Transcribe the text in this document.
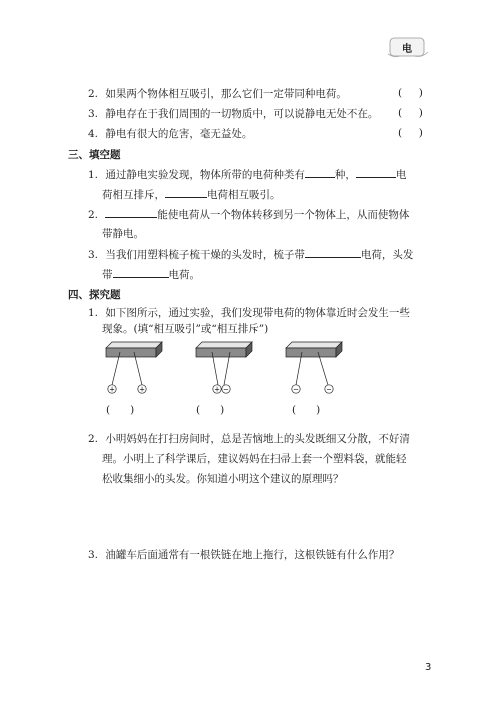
电
2. 如果两个物体相互吸引，那么它们一定带同种电荷。	(     )
3. 静电存在于我们周围的一切物质中，可以说静电无处不在。 (     )
4. 静电有很大的危害，毫无益处。	(     )
三、填空题
1. 通过静电实验发现，物体所带的电荷种类有	种，	电
荷相互排斥，	电荷相互吸引。
2.	能使电荷从一个物体转移到另一个物体上，从而使物体
带静电。
3. 当我们用塑料梳子梳干燥的头发时，梳子带	电荷，头发
带	电荷。
四、探究题
1. 如下图所示，通过实验，我们发现带电荷的物体靠近时会发生一些
现象。(填“相互吸引”或“相互排斥”)
+	+	+ −	−	−
(      )	(      )	(      )
2. 小明妈妈在打扫房间时，总是苦恼地上的头发既细又分散，不好清
理。小明上了科学课后，建议妈妈在扫帚上套一个塑料袋，就能轻
松收集细小的头发。你知道小明这个建议的原理吗？
3. 油罐车后面通常有一根铁链在地上拖行，这根铁链有什么作用？
3
